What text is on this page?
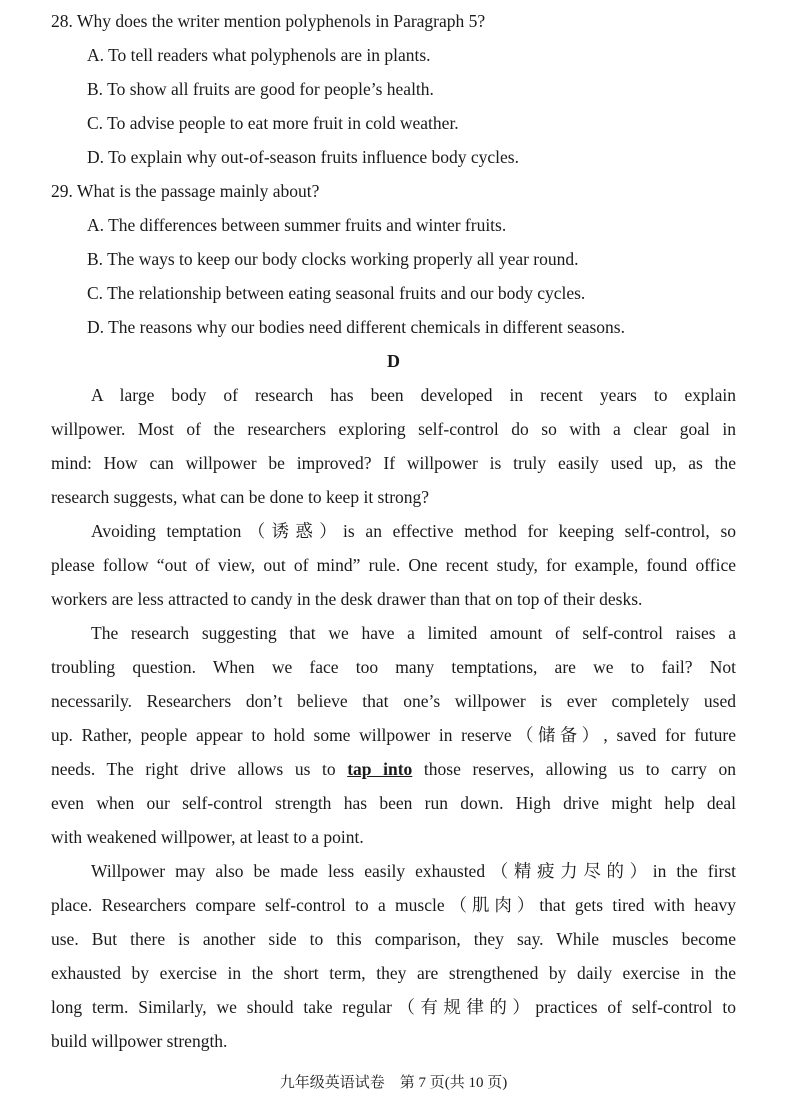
28. Why does the writer mention polyphenols in Paragraph 5?
A. To tell readers what polyphenols are in plants.
B. To show all fruits are good for people’s health.
C. To advise people to eat more fruit in cold weather.
D. To explain why out-of-season fruits influence body cycles.
29. What is the passage mainly about?
A. The differences between summer fruits and winter fruits.
B. The ways to keep our body clocks working properly all year round.
C. The relationship between eating seasonal fruits and our body cycles.
D. The reasons why our bodies need different chemicals in different seasons.
D
A large body of research has been developed in recent years to explain
willpower. Most of the researchers exploring self-control do so with a clear goal in
mind: How can willpower be improved? If willpower is truly easily used up, as the
research suggests, what can be done to keep it strong?
Avoiding temptation（诱惑）is an effective method for keeping self-control, so
please follow “out of view, out of mind” rule. One recent study, for example, found office
workers are less attracted to candy in the desk drawer than that on top of their desks.
The research suggesting that we have a limited amount of self-control raises a
troubling question. When we face too many temptations, are we to fail? Not
necessarily. Researchers don’t believe that one’s willpower is ever completely used
up. Rather, people appear to hold some willpower in reserve（储备）, saved for future
needs. The right drive allows us to tap into those reserves, allowing us to carry on
even when our self-control strength has been run down. High drive might help deal
with weakened willpower, at least to a point.
Willpower may also be made less easily exhausted（精疲力尽的）in the first
place. Researchers compare self-control to a muscle（肌肉）that gets tired with heavy
use. But there is another side to this comparison, they say. While muscles become
exhausted by exercise in the short term, they are strengthened by daily exercise in the
long term. Similarly, we should take regular（有规律的）practices of self-control to
build willpower strength.
九年级英语试卷　第 7 页(共 10 页)
